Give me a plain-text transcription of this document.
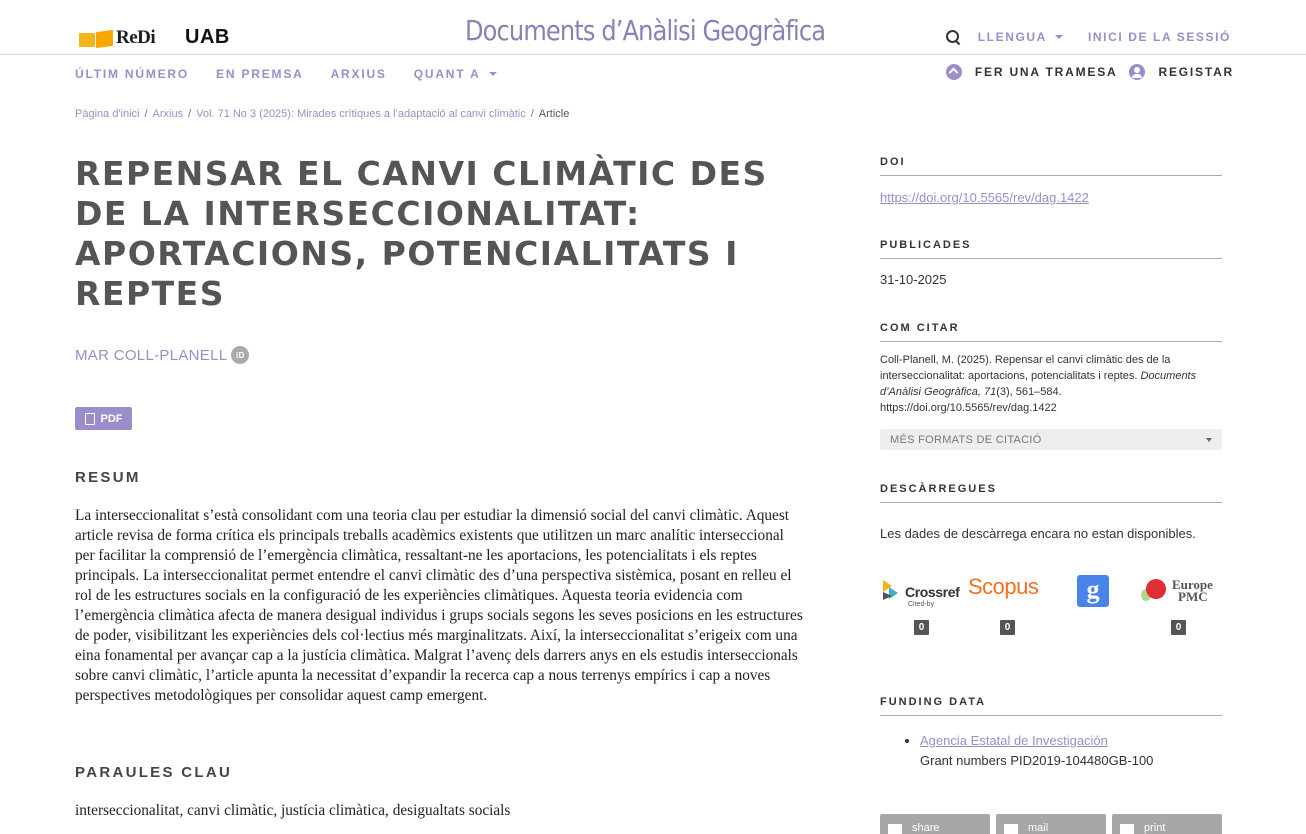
ReDi UAB	Documents d’Anàlisi Geogràfica	LLENGUA	INICI DE LA SESSIÓ
ÚLTIM NÚMERO EN PREMSA ARXIUS QUANT A	FER UNA TRAMESA	REGISTAR
Pàgina d'inici / Arxius / Vol. 71 No 3 (2025): Mirades crítiques a l’adaptació al canvi climàtic / Article
REPENSAR EL CANVI CLIMÀTIC DES DE LA INTERSECCIONALITAT: APORTACIONS, POTENCIALITATS I REPTES
MAR COLL-PLANELL	iD
PDF
RESUM

La interseccionalitat s’està consolidant com una teoria clau per estudiar la dimensió social del canvi climàtic. Aquest article revisa de forma crítica els principals treballs acadèmics existents que utilitzen un marc analític interseccional per facilitar la comprensió de l’emergència climàtica, ressaltant-ne les aportacions, les potencialitats i els reptes principals. La interseccionalitat permet entendre el canvi climàtic des d’una perspectiva sistèmica, posant en relleu el rol de les estructures socials en la configuració de les experiències climàtiques. Aquesta teoria evidencia com l’emergència climàtica afecta de manera desigual individus i grups socials segons les seves posicions en les estructures de poder, visibilitzant les experiències dels col·lectius més marginalitzats. Així, la interseccionalitat s’erigeix com una eina fonamental per avançar cap a la justícia climàtica. Malgrat l’avenç dels darrers anys en els estudis interseccionals sobre canvi climàtic, l’article apunta la necessitat d’expandir la recerca cap a nous terrenys empírics i cap a noves perspectives metodològiques per consolidar aquest camp emergent.

PARAULES CLAU
interseccionalitat, canvi climàtic, justícia climàtica, desigualtats socials
DOI
https://doi.org/10.5565/rev/dag.1422
PUBLICADES
31-10-2025
COM CITAR
Coll-Planell, M. (2025). Repensar el canvi climàtic des de la interseccionalitat: aportacions, potencialitats i reptes. Documents d’Anàlisi Geogràfica, 71(3), 561–584. https://doi.org/10.5565/rev/dag.1422
MÉS FORMATS DE CITACIÓ
DESCÀRREGUES
Les dades de descàrrega encara no estan disponibles.
Crossref
Cited-by
0
Scopus
0
g	Europe
PMC
0
FUNDING DATA
• Agencia Estatal de Investigación
Grant numbers PID2019-104480GB-100
share	mail	print
